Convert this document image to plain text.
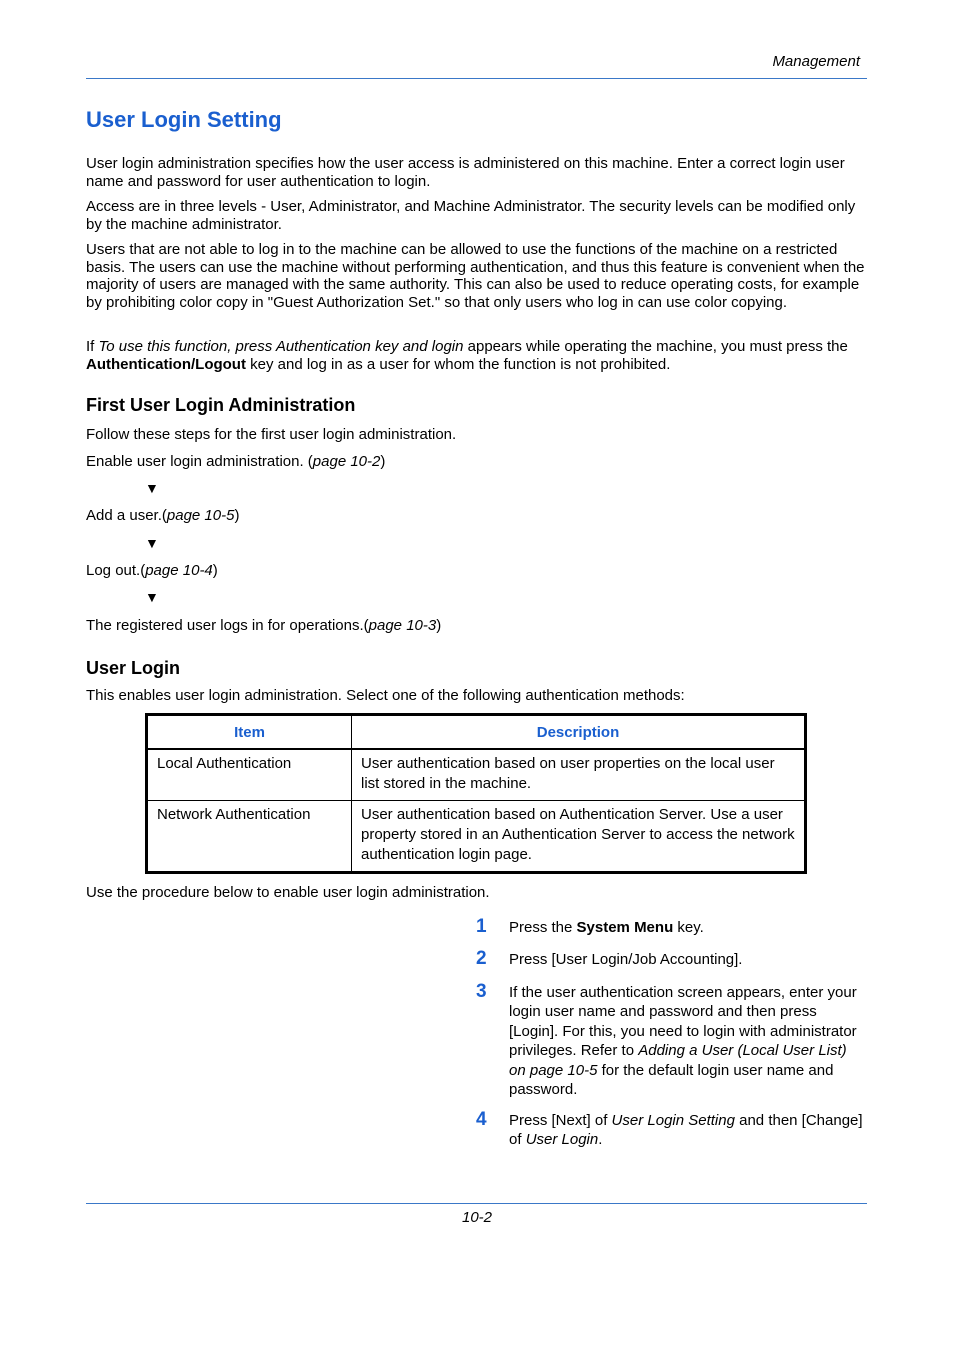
Management
User Login Setting

User login administration specifies how the user access is administered on this machine. Enter a correct login user name and password for user authentication to login.

Access are in three levels - User, Administrator, and Machine Administrator. The security levels can be modified only by the machine administrator.

Users that are not able to log in to the machine can be allowed to use the functions of the machine on a restricted basis. The users can use the machine without performing authentication, and thus this feature is convenient when the majority of users are managed with the same authority. This can also be used to reduce operating costs, for example by prohibiting color copy in "Guest Authorization Set." so that only users who log in can use color copying.

If To use this function, press Authentication key and login appears while operating the machine, you must press the Authentication/Logout key and log in as a user for whom the function is not prohibited.

First User Login Administration
Follow these steps for the first user login administration.
Enable user login administration. (page 10-2)
▼
Add a user.(page 10-5)
▼
Log out.(page 10-4)
▼
The registered user logs in for operations.(page 10-3)
User Login
This enables user login administration. Select one of the following authentication methods:
Item	Description
Local Authentication	User authentication based on user properties on the local user list stored in the machine.
Network Authentication	User authentication based on Authentication Server. Use a user property stored in an Authentication Server to access the network authentication login page.
Use the procedure below to enable user login administration.
1 Press the System Menu key.
2 Press [User Login/Job Accounting].
3 If the user authentication screen appears, enter your login user name and password and then press [Login]. For this, you need to login with administrator privileges. Refer to Adding a User (Local User List) on page 10-5 for the default login user name and password.
4 Press [Next] of User Login Setting and then [Change] of User Login.
10-2
